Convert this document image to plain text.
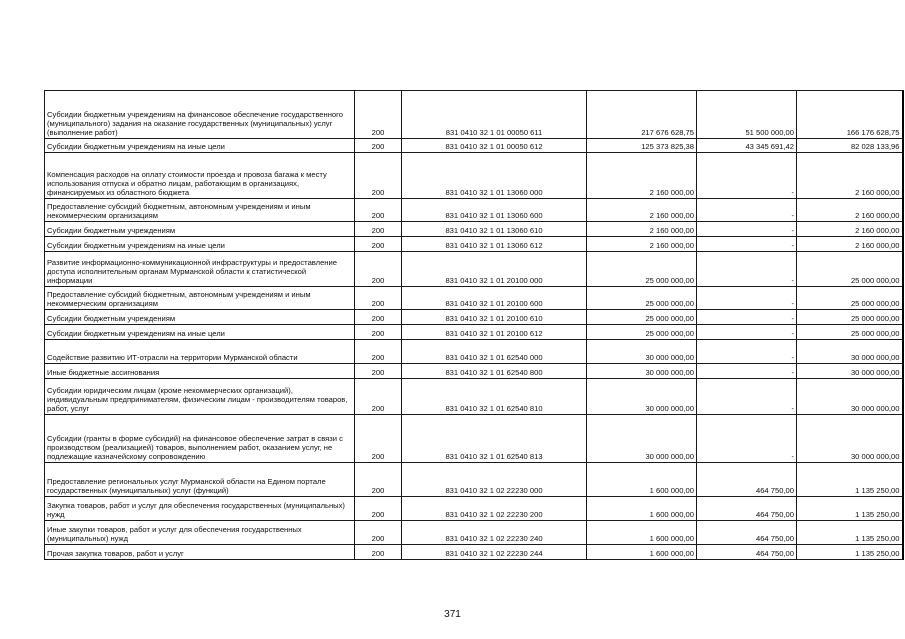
Субсидии бюджетным учреждениям на финансовое обеспечение государственного (муниципального) задания на оказание государственных (муниципальных) услуг (выполнение работ)	200	831 0410 32 1 01 00050 611	217 676 628,75	51 500 000,00	166 176 628,75
Субсидии бюджетным учреждениям на иные цели	200	831 0410 32 1 01 00050 612	125 373 825,38	43 345 691,42	82 028 133,96
Компенсация расходов на оплату стоимости проезда и провоза багажа к месту использования отпуска и обратно лицам, работающим в организациях, финансируемых из областного бюджета	200	831 0410 32 1 01 13060 000	2 160 000,00	-	2 160 000,00
Предоставление субсидий бюджетным, автономным учреждениям и иным некоммерческим организациям	200	831 0410 32 1 01 13060 600	2 160 000,00	-	2 160 000,00
Субсидии бюджетным учреждениям	200	831 0410 32 1 01 13060 610	2 160 000,00	-	2 160 000,00
Субсидии бюджетным учреждениям на иные цели	200	831 0410 32 1 01 13060 612	2 160 000,00	-	2 160 000,00
Развитие информационно-коммуникационной инфраструктуры и предоставление доступа исполнительным органам Мурманской области к статистической информации	200	831 0410 32 1 01 20100 000	25 000 000,00	-	25 000 000,00
Предоставление субсидий бюджетным, автономным учреждениям и иным некоммерческим организациям	200	831 0410 32 1 01 20100 600	25 000 000,00	-	25 000 000,00
Субсидии бюджетным учреждениям	200	831 0410 32 1 01 20100 610	25 000 000,00	-	25 000 000,00
Субсидии бюджетным учреждениям на иные цели	200	831 0410 32 1 01 20100 612	25 000 000,00	-	25 000 000,00
Содействие развитию ИТ-отрасли на территории Мурманской области	200	831 0410 32 1 01 62540 000	30 000 000,00	-	30 000 000,00
Иные бюджетные ассигнования	200	831 0410 32 1 01 62540 800	30 000 000,00	-	30 000 000,00
Субсидии юридическим лицам (кроме некоммерческих организаций), индивидуальным предпринимателям, физическим лицам - производителям товаров, работ, услуг	200	831 0410 32 1 01 62540 810	30 000 000,00	-	30 000 000,00
Субсидии (гранты в форме субсидий) на финансовое обеспечение затрат в связи с производством (реализацией) товаров, выполнением работ, оказанием услуг, не подлежащие казначейскому сопровождению	200	831 0410 32 1 01 62540 813	30 000 000,00	-	30 000 000,00
Предоставление региональных услуг Мурманской области на Едином портале государственных (муниципальных) услуг (функций)	200	831 0410 32 1 02 22230 000	1 600 000,00	464 750,00	1 135 250,00
Закупка товаров, работ и услуг для обеспечения государственных (муниципальных) нужд	200	831 0410 32 1 02 22230 200	1 600 000,00	464 750,00	1 135 250,00
Иные закупки товаров, работ и услуг для обеспечения государственных (муниципальных) нужд	200	831 0410 32 1 02 22230 240	1 600 000,00	464 750,00	1 135 250,00
Прочая закупка товаров, работ и услуг	200	831 0410 32 1 02 22230 244	1 600 000,00	464 750,00	1 135 250,00
371
